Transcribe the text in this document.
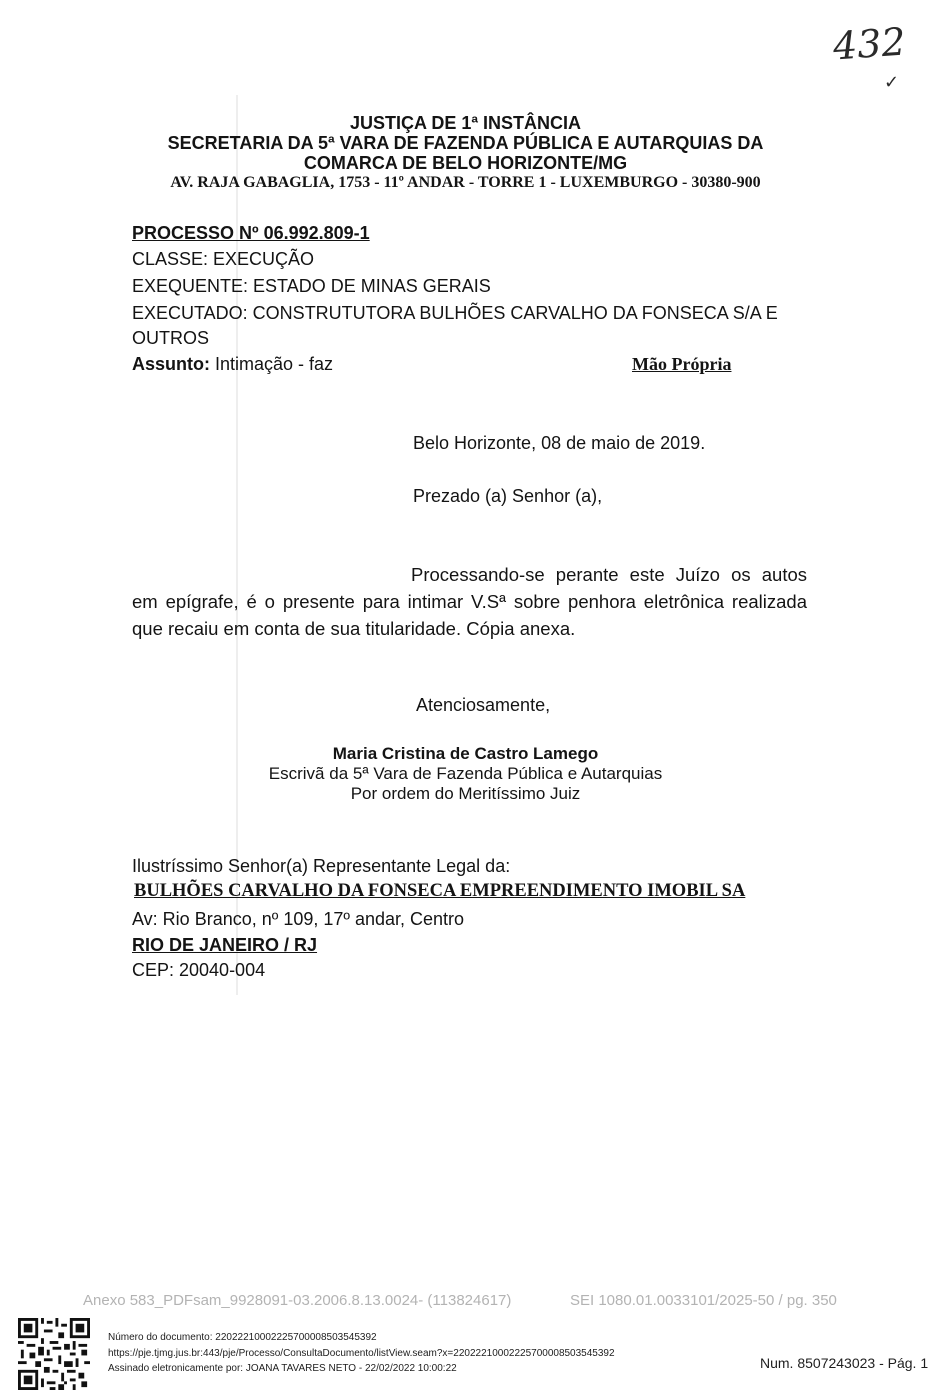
432
✓
JUSTIÇA DE 1ª INSTÂNCIA
SECRETARIA DA 5ª VARA DE FAZENDA PÚBLICA E AUTARQUIAS DA
COMARCA DE BELO HORIZONTE/MG
AV. RAJA GABAGLIA, 1753 - 11º ANDAR - TORRE 1 - LUXEMBURGO - 30380-900
PROCESSO Nº 06.992.809-1
CLASSE: EXECUÇÃO
EXEQUENTE: ESTADO DE MINAS GERAIS
EXECUTADO: CONSTRUTUTORA BULHÕES CARVALHO DA FONSECA S/A E
OUTROS
Assunto: Intimação - faz	Mão Própria
Belo Horizonte, 08 de maio de 2019.
Prezado (a) Senhor (a),
Processando-se perante este Juízo os autos em epígrafe, é o presente para intimar V.Sª sobre penhora eletrônica realizada que recaiu em conta de sua titularidade. Cópia anexa.
Atenciosamente,
Maria Cristina de Castro Lamego
Escrivã da 5ª Vara de Fazenda Pública e Autarquias
Por ordem do Meritíssimo Juiz
Ilustríssimo Senhor(a) Representante Legal da:
BULHÕES CARVALHO DA FONSECA EMPREENDIMENTO IMOBIL SA
Av: Rio Branco, nº 109, 17º andar, Centro
RIO DE JANEIRO / RJ
CEP: 20040-004
Anexo 583_PDFsam_9928091-03.2006.8.13.0024- (113824617)	SEI 1080.01.0033101/2025-50 / pg. 350
Número do documento: 22022210002225700008503545392
https://pje.tjmg.jus.br:443/pje/Processo/ConsultaDocumento/listView.seam?x=22022210002225700008503545392
Assinado eletronicamente por: JOANA TAVARES NETO - 22/02/2022 10:00:22	Num. 8507243023 - Pág. 1
